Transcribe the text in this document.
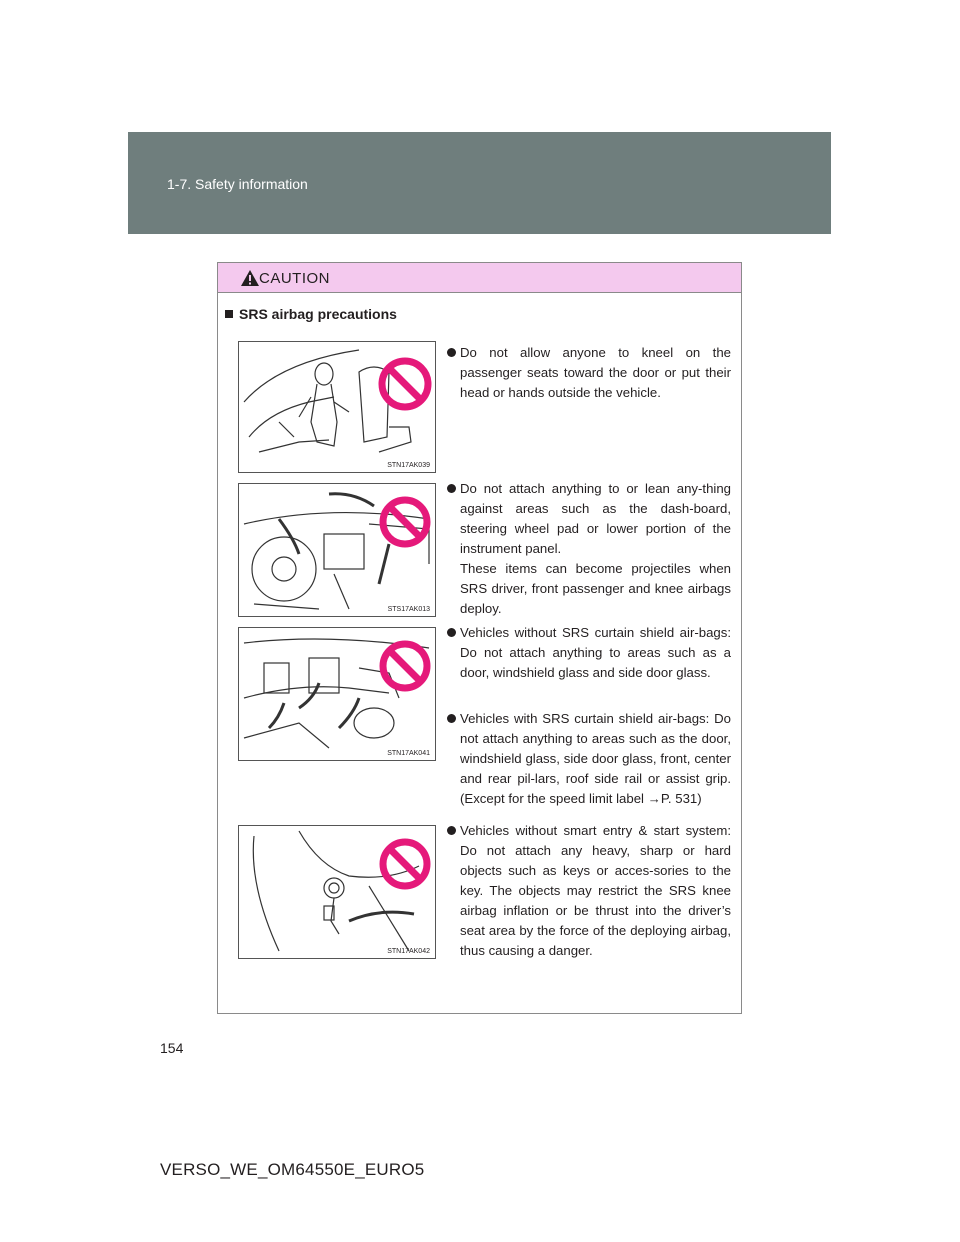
1-7. Safety information
CAUTION
SRS airbag precautions
STN17AK039
Do not allow anyone to kneel on the passenger seats toward the door or put their head or hands outside the vehicle.
STS17AK013
Do not attach anything to or lean any-thing against areas such as the dash-board, steering wheel pad or lower portion of the instrument panel.
These items can become projectiles when SRS driver, front passenger and knee airbags deploy.
STN17AK041
Vehicles without SRS curtain shield air-bags: Do not attach anything to areas such as a door, windshield glass and side door glass.
Vehicles with SRS curtain shield air-bags: Do not attach anything to areas such as the door, windshield glass, side door glass, front, center and rear pil-lars, roof side rail or assist grip. (Except for the speed limit label →P. 531)
STN17AK042
Vehicles without smart entry & start system: Do not attach any heavy, sharp or hard objects such as keys or acces-sories to the key. The objects may restrict the SRS knee airbag inflation or be thrust into the driver’s seat area by the force of the deploying airbag, thus causing a danger.
154
VERSO_WE_OM64550E_EURO5
